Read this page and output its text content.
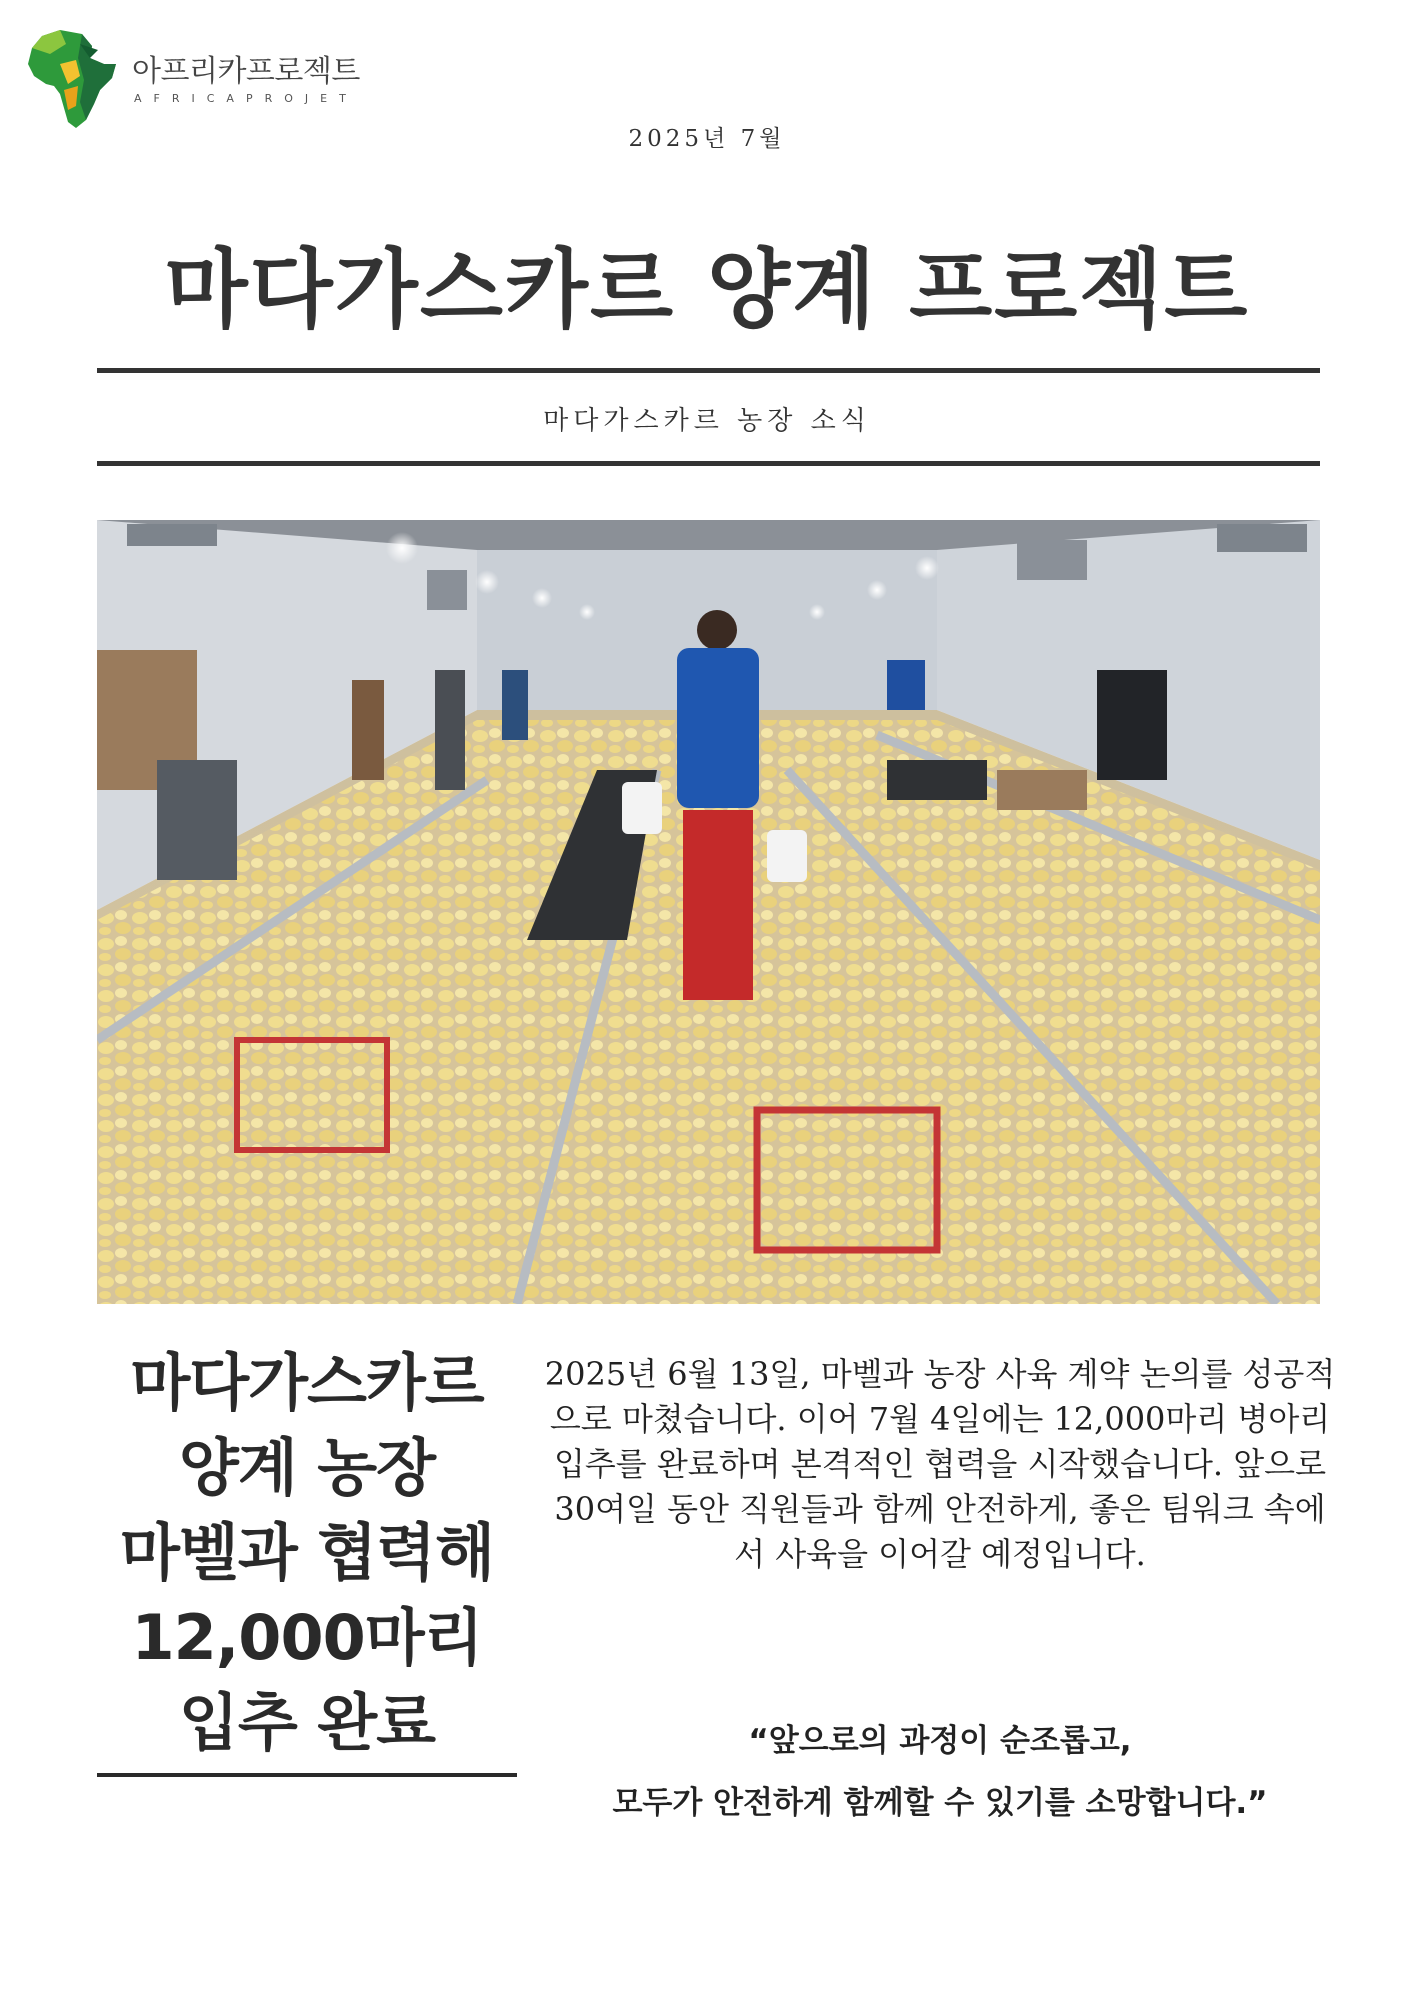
아프리카프로젝트
AFRICAPROJET
2025년 7월
마다가스카르 양계 프로젝트
마다가스카르 농장 소식
마다가스카르
양계 농장
마벨과 협력해
12,000마리
입추 완료
2025년 6월 13일, 마벨과 농장 사육 계약 논의를 성공적으로 마쳤습니다. 이어 7월 4일에는 12,000마리 병아리 입추를 완료하며 본격적인 협력을 시작했습니다. 앞으로 30여일 동안 직원들과 함께 안전하게, 좋은 팀워크 속에서 사육을 이어갈 예정입니다.
“앞으로의 과정이 순조롭고,
모두가 안전하게 함께할 수 있기를 소망합니다.”
